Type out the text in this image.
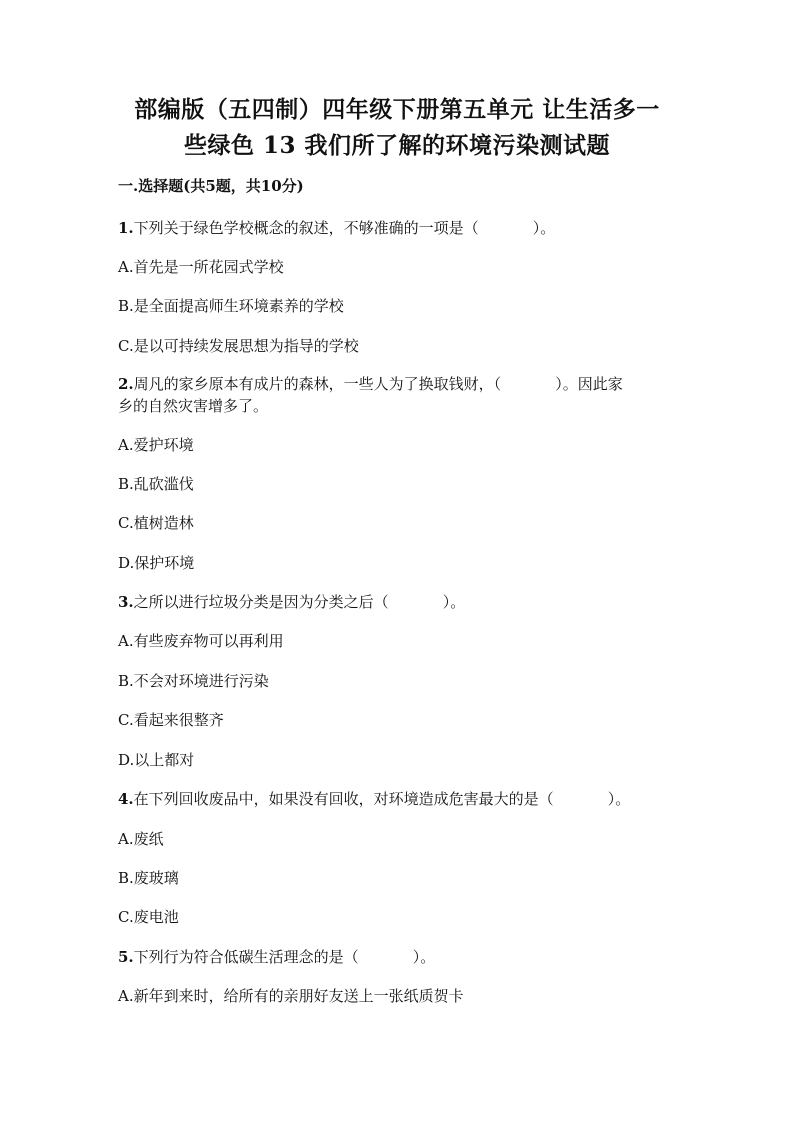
部编版（五四制）四年级下册第五单元 让生活多一
些绿色 13 我们所了解的环境污染测试题
一.选择题(共5题，共10分)
1.下列关于绿色学校概念的叙述，不够准确的一项是（	）。
A.首先是一所花园式学校
B.是全面提高师生环境素养的学校
C.是以可持续发展思想为指导的学校
2.周凡的家乡原本有成片的森林，一些人为了换取钱财，（	）。因此家
乡的自然灾害增多了。
A.爱护环境
B.乱砍滥伐
C.植树造林
D.保护环境
3.之所以进行垃圾分类是因为分类之后（	）。
A.有些废弃物可以再利用
B.不会对环境进行污染
C.看起来很整齐
D.以上都对
4.在下列回收废品中，如果没有回收，对环境造成危害最大的是（	）。
A.废纸
B.废玻璃
C.废电池
5.下列行为符合低碳生活理念的是（	）。
A.新年到来时，给所有的亲朋好友送上一张纸质贺卡
